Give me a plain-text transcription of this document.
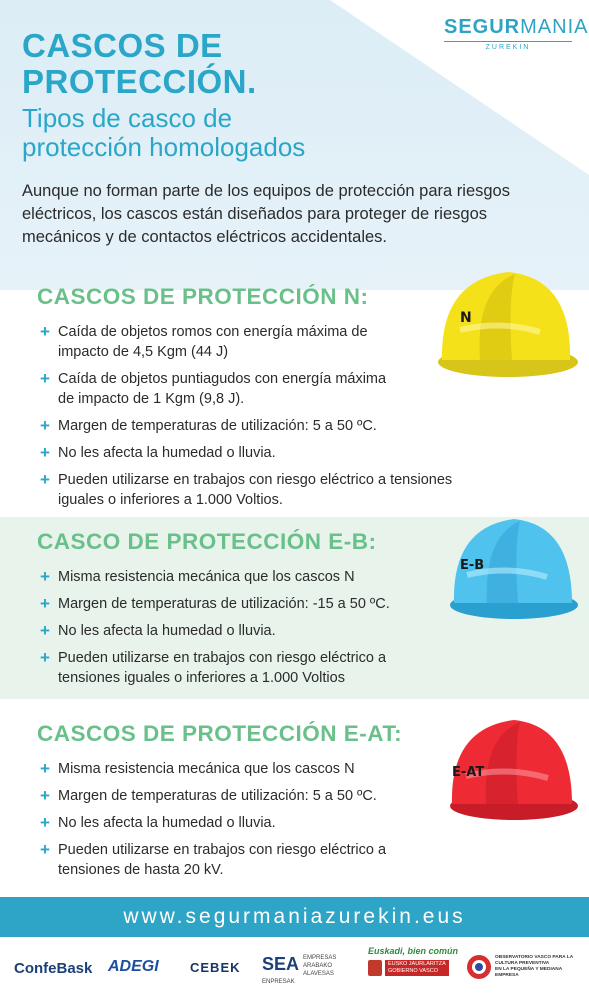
SEGURMANIA
ZUREKIN
CASCOS DE
PROTECCIÓN.
Tipos de casco de
protección homologados

Aunque no forman parte de los equipos de protección para riesgos eléctricos, los cascos están diseñados para proteger de riesgos mecánicos y de contactos eléctricos accidentales.

CASCOS DE PROTECCIÓN N:
+ Caída de objetos romos con energía máxima de impacto de 4,5 Kgm (44 J)
+ Caída de objetos puntiagudos con energía máxima de impacto de 1 Kgm (9,8 J).
+ Margen de temperaturas de utilización: 5 a 50 ºC.
+ No les afecta la humedad o lluvia.
+ Pueden utilizarse en trabajos con riesgo eléctrico a tensiones iguales o inferiores a 1.000 Voltios.
N
CASCO DE PROTECCIÓN E-B:
+ Misma resistencia mecánica que los cascos N
+ Margen de temperaturas de utilización: -15 a 50 ºC.
+ No les afecta la humedad o lluvia.
+ Pueden utilizarse en trabajos con riesgo eléctrico a tensiones iguales o inferiores a 1.000 Voltios
E-B
CASCOS DE PROTECCIÓN E-AT:
+ Misma resistencia mecánica que los cascos N
+ Margen de temperaturas de utilización: 5 a 50 ºC.
+ No les afecta la humedad o lluvia.
+ Pueden utilizarse en trabajos con riesgo eléctrico a tensiones de hasta 20 kV.
E-AT
www.segurmaniazurekin.eus
ConfeBask ADEGI CEBEK SEA EMPRESAS ARABAKO
ALAVESAS ENPRESAK
Euskadi, bien común
EUSKO JAURLARITZA
GOBIERNO VASCO
OBSERVATORIO VASCO PARA LA CULTURA PREVENTIVA
EN LA PEQUEÑA Y MEDIANA EMPRESA
